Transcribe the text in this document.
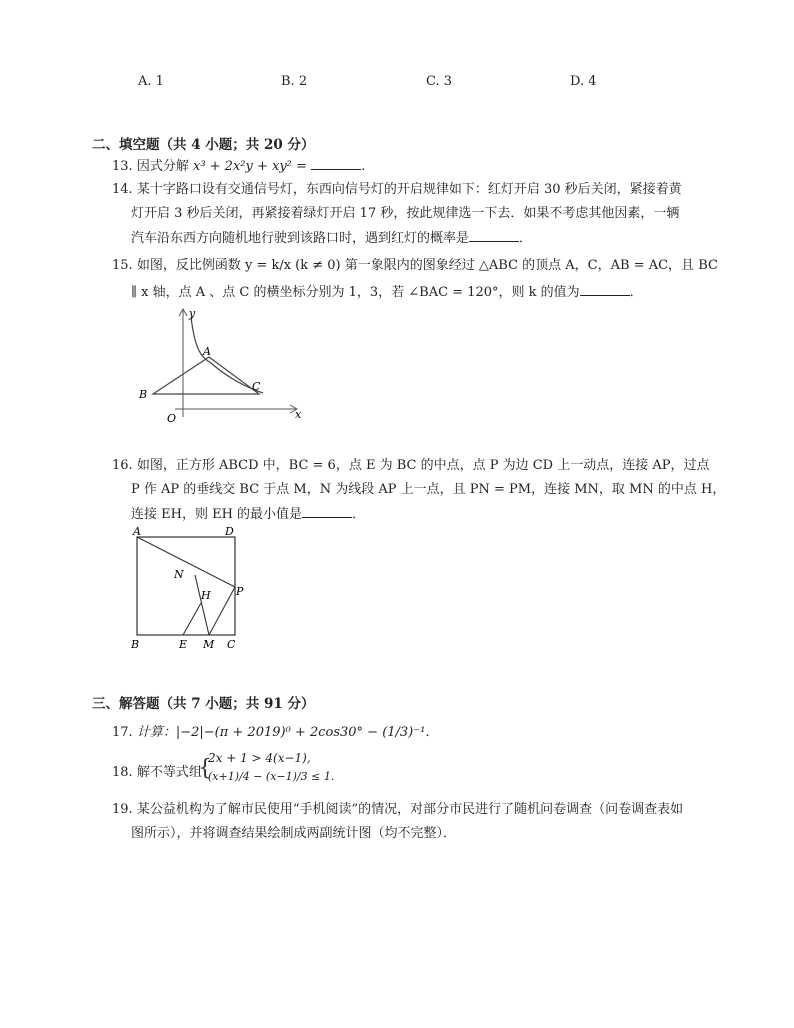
A. 1	B. 2	C. 3	D. 4
二、填空题（共 4 小题；共 20 分）
13. 因式分解 x³ + 2x²y + xy² =	.
14. 某十字路口设有交通信号灯，东西向信号灯的开启规律如下：红灯开启 30 秒后关闭，紧接着黄
灯开启 3 秒后关闭，再紧接着绿灯开启 17 秒，按此规律选一下去．如果不考虑其他因素，一辆
汽车沿东西方向随机地行驶到该路口时，遇到红灯的概率是	．
15. 如图，反比例函数 y = k/x (k ≠ 0) 第一象限内的图象经过 △ABC 的顶点 A，C，AB = AC，且 BC
∥ x 轴，点 A 、点 C 的横坐标分别为 1，3，若 ∠BAC = 120°，则 k 的值为	．
A
B
C
O	x
y
16. 如图，正方形 ABCD 中，BC = 6，点 E 为 BC 的中点，点 P 为边 CD 上一动点，连接 AP，过点
P 作 AP 的垂线交 BC 于点 M，N 为线段 AP 上一点，且 PN = PM，连接 MN，取 MN 的中点 H，
连接 EH，则 EH 的最小值是	．
A	D
B	C
E M
N
H P
三、解答题（共 7 小题；共 91 分）
17. 计算：|−2|−(π + 2019)⁰ + 2cos30° − (1/3)⁻¹．
18. 解不等式组
{
2x + 1 > 4(x−1),
(x+1)/4 − (x−1)/3 ≤ 1.
19. 某公益机构为了解市民使用“手机阅读”的情况，对部分市民进行了随机问卷调查（问卷调查表如
图所示），并将调查结果绘制成两副统计图（均不完整）．
